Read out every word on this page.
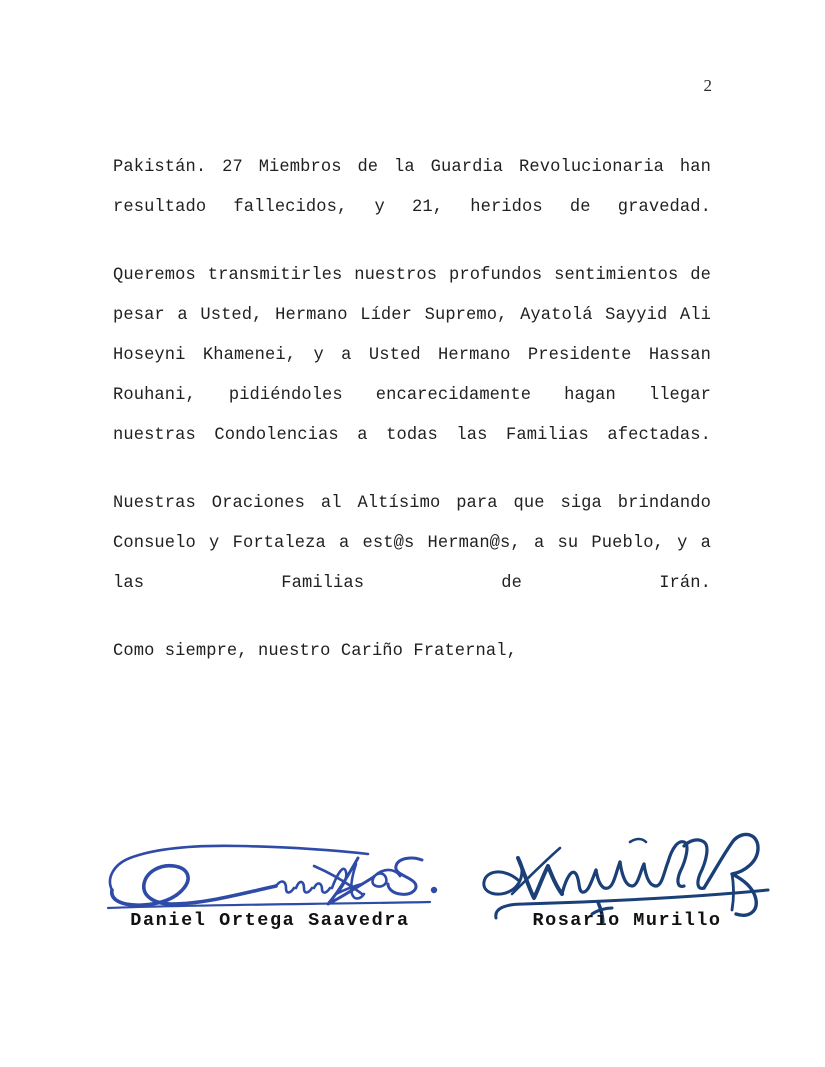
2

Pakistán. 27 Miembros de la Guardia Revolucionaria han resultado fallecidos, y 21, heridos de gravedad.

Queremos transmitirles nuestros profundos sentimientos de pesar a Usted, Hermano Líder Supremo, Ayatolá Sayyid Ali Hoseyni Khamenei, y a Usted Hermano Presidente Hassan Rouhani, pidiéndoles encarecidamente hagan llegar nuestras Condolencias a todas las Familias afectadas.

Nuestras Oraciones al Altísimo para que siga brindando Consuelo y Fortaleza a est@s Herman@s, a su Pueblo, y a las Familias de Irán.

Como siempre, nuestro Cariño Fraternal,

Daniel Ortega Saavedra	Rosario Murillo
